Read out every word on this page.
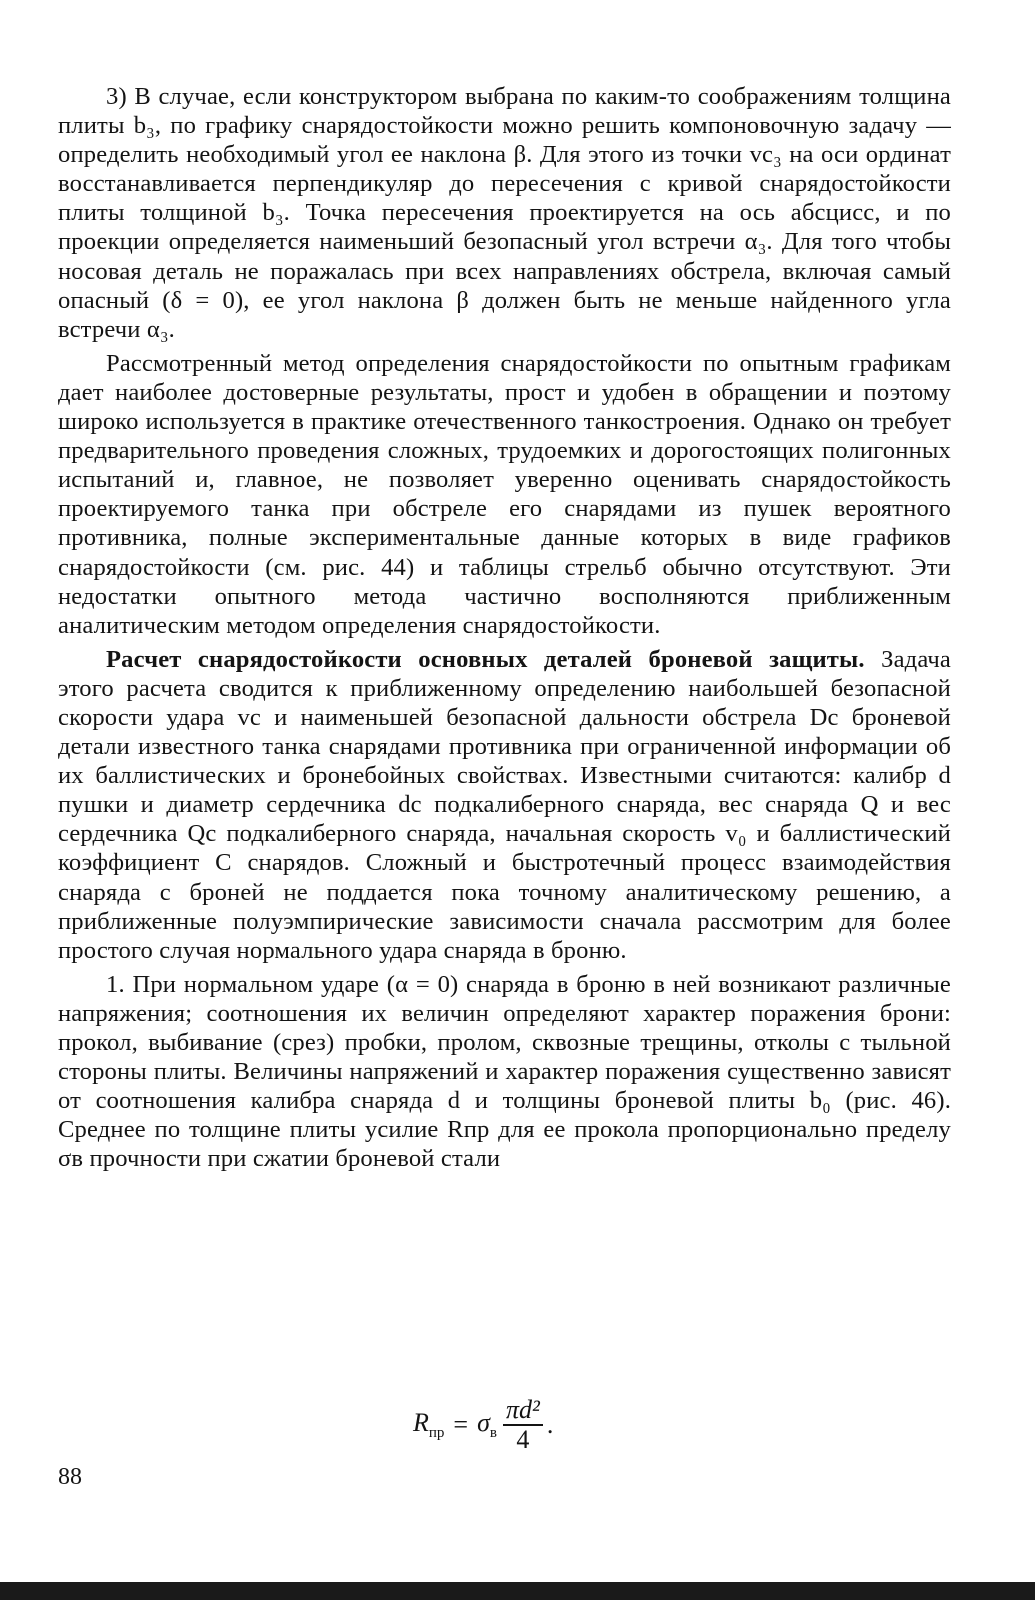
3) В случае, если конструктором выбрана по каким-то соображениям толщина плиты b₃, по графику снарядостойкости можно решить компоновочную задачу — определить необходимый угол ее наклона β. Для этого из точки vс₃ на оси ординат восстанавливается перпендикуляр до пересечения с кривой снарядостойкости плиты толщиной b₃. Точка пересечения проектируется на ось абсцисс, и по проекции определяется наименьший безопасный угол встречи α₃. Для того чтобы носовая деталь не поражалась при всех направлениях обстрела, включая самый опасный (δ = 0), ее угол наклона β должен быть не меньше найденного угла встречи α₃.

Рассмотренный метод определения снарядостойкости по опытным графикам дает наиболее достоверные результаты, прост и удобен в обращении и поэтому широко используется в практике отечественного танкостроения. Однако он требует предварительного проведения сложных, трудоемких и дорогостоящих полигонных испытаний и, главное, не позволяет уверенно оценивать снарядостойкость проектируемого танка при обстреле его снарядами из пушек вероятного противника, полные экспериментальные данные которых в виде графиков снарядостойкости (см. рис. 44) и таблицы стрельб обычно отсутствуют. Эти недостатки опытного метода частично восполняются приближенным аналитическим методом определения снарядостойкости.

Расчет снарядостойкости основных деталей броневой защиты. Задача этого расчета сводится к приближенному определению наибольшей безопасной скорости удара vс и наименьшей безопасной дальности обстрела Dс броневой детали известного танка снарядами противника при ограниченной информации об их баллистических и бронебойных свойствах. Известными считаются: калибр d пушки и диаметр сердечника dс подкалиберного снаряда, вес снаряда Q и вес сердечника Qс подкалиберного снаряда, начальная скорость v₀ и баллистический коэффициент C снарядов. Сложный и быстротечный процесс взаимодействия снаряда с броней не поддается пока точному аналитическому решению, а приближенные полуэмпирические зависимости сначала рассмотрим для более простого случая нормального удара снаряда в броню.

1. При нормальном ударе (α = 0) снаряда в броню в ней возникают различные напряжения; соотношения их величин определяют характер поражения брони: прокол, выбивание (срез) пробки, пролом, сквозные трещины, отколы с тыльной стороны плиты. Величины напряжений и характер поражения существенно зависят от соотношения калибра снаряда d и толщины броневой плиты b₀ (рис. 46). Среднее по толщине плиты усилие Rпр для ее прокола пропорционально пределу σв прочности при сжатии броневой стали

$R_{пр} = \sigma_в \frac{\text{πd²}}{4}$ .
88
